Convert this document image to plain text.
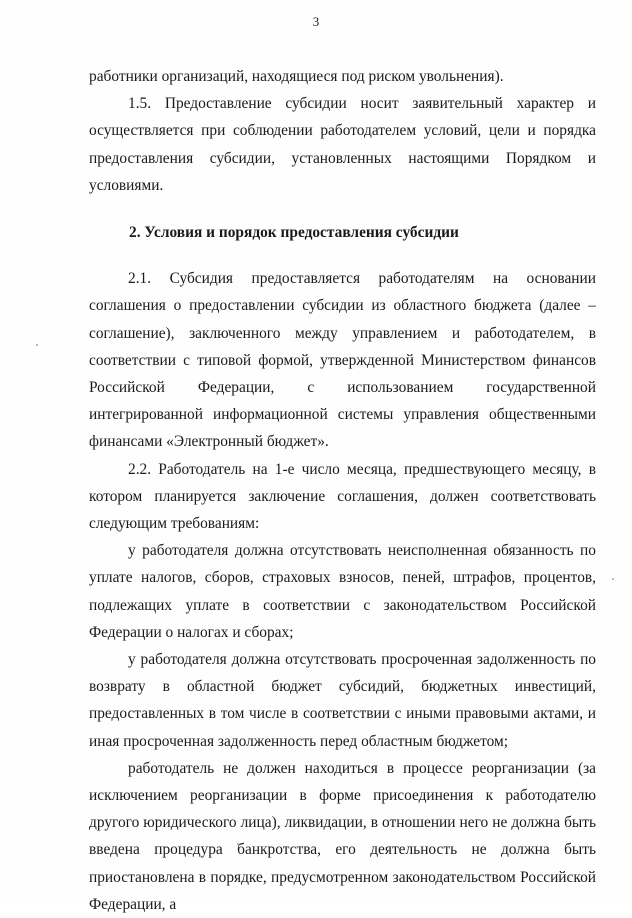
3

работники организаций, находящиеся под риском увольнения).

1.5. Предоставление субсидии носит заявительный характер и осуществляется при соблюдении работодателем условий, цели и порядка предоставления субсидии, установленных настоящими Порядком и условиями.

2. Условия и порядок предоставления субсидии

2.1. Субсидия предоставляется работодателям на основании соглашения о предоставлении субсидии из областного бюджета (далее – соглашение), заключенного между управлением и работодателем, в соответствии с типовой формой, утвержденной Министерством финансов Российской Федерации, с использованием государственной интегрированной информационной системы управления общественными финансами «Электронный бюджет».

2.2. Работодатель на 1-е число месяца, предшествующего месяцу, в котором планируется заключение соглашения, должен соответствовать следующим требованиям:

у работодателя должна отсутствовать неисполненная обязанность по уплате налогов, сборов, страховых взносов, пеней, штрафов, процентов, подлежащих уплате в соответствии с законодательством Российской Федерации о налогах и сборах;

у работодателя должна отсутствовать просроченная задолженность по возврату в областной бюджет субсидий, бюджетных инвестиций, предоставленных в том числе в соответствии с иными правовыми актами, и иная просроченная задолженность перед областным бюджетом;

работодатель не должен находиться в процессе реорганизации (за исключением реорганизации в форме присоединения к работодателю другого юридического лица), ликвидации, в отношении него не должна быть введена процедура банкротства, его деятельность не должна быть приостановлена в порядке, предусмотренном законодательством Российской Федерации, а
